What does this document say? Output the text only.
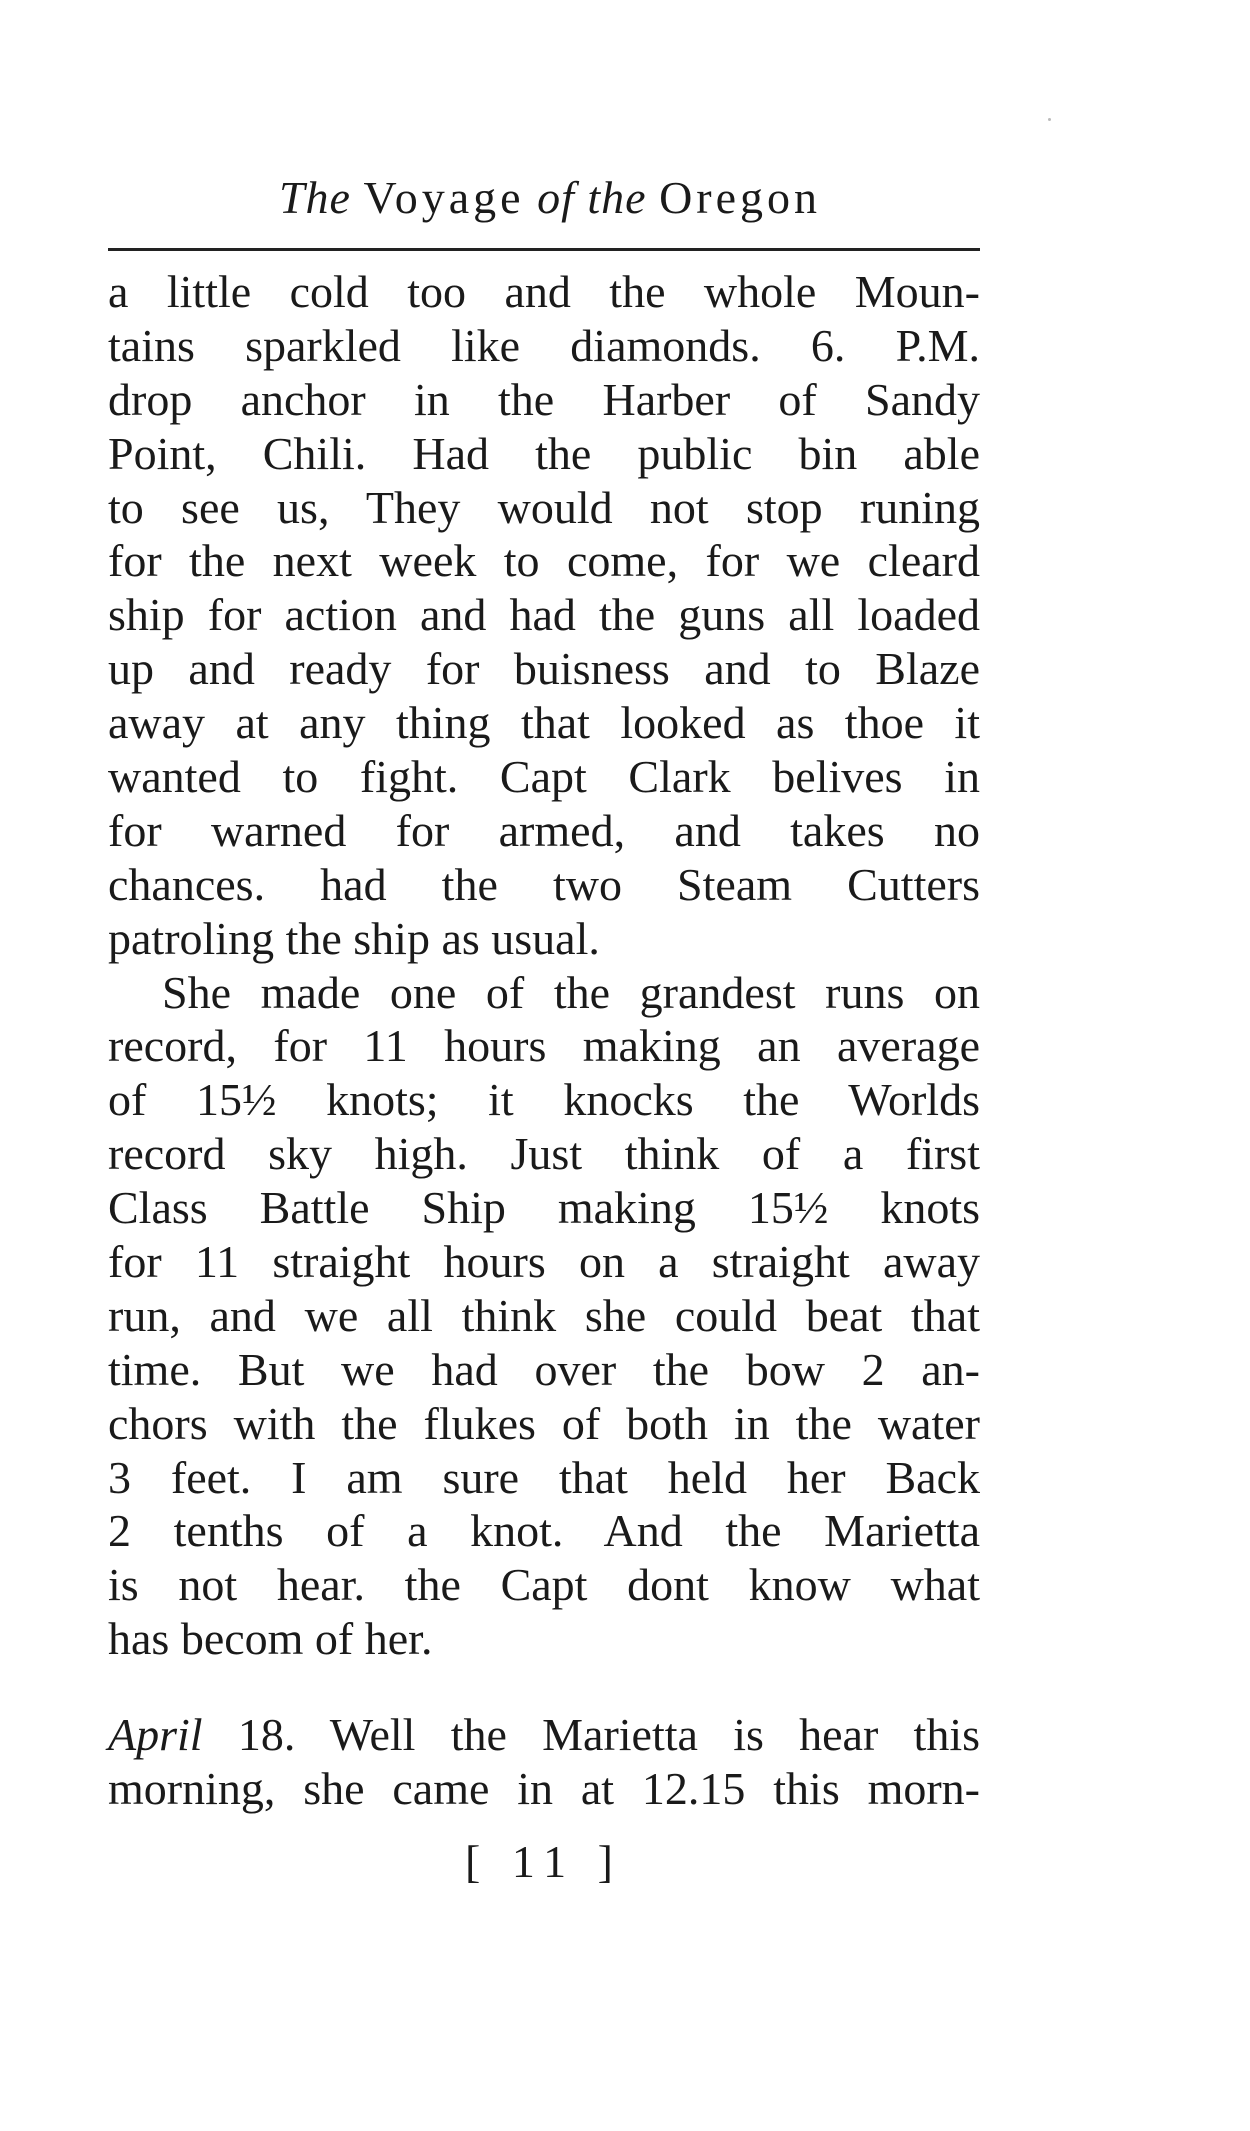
The Voyage of the Oregon
a little cold too and the whole Moun-
tains sparkled like diamonds. 6. P.M.
drop anchor in the Harber of Sandy
Point, Chili. Had the public bin able
to see us, They would not stop runing
for the next week to come, for we cleard
ship for action and had the guns all loaded
up and ready for buisness and to Blaze
away at any thing that looked as thoe it
wanted to fight. Capt Clark belives in
for warned for armed, and takes no
chances. had the two Steam Cutters
patroling the ship as usual.
She made one of the grandest runs on
record, for 11 hours making an average
of 15½ knots; it knocks the Worlds
record sky high. Just think of a first
Class Battle Ship making 15½ knots
for 11 straight hours on a straight away
run, and we all think she could beat that
time. But we had over the bow 2 an-
chors with the flukes of both in the water
3 feet. I am sure that held her Back
2 tenths of a knot. And the Marietta
is not hear. the Capt dont know what
has becom of her.
April 18. Well the Marietta is hear this
morning, she came in at 12.15 this morn-
[ 11 ]
